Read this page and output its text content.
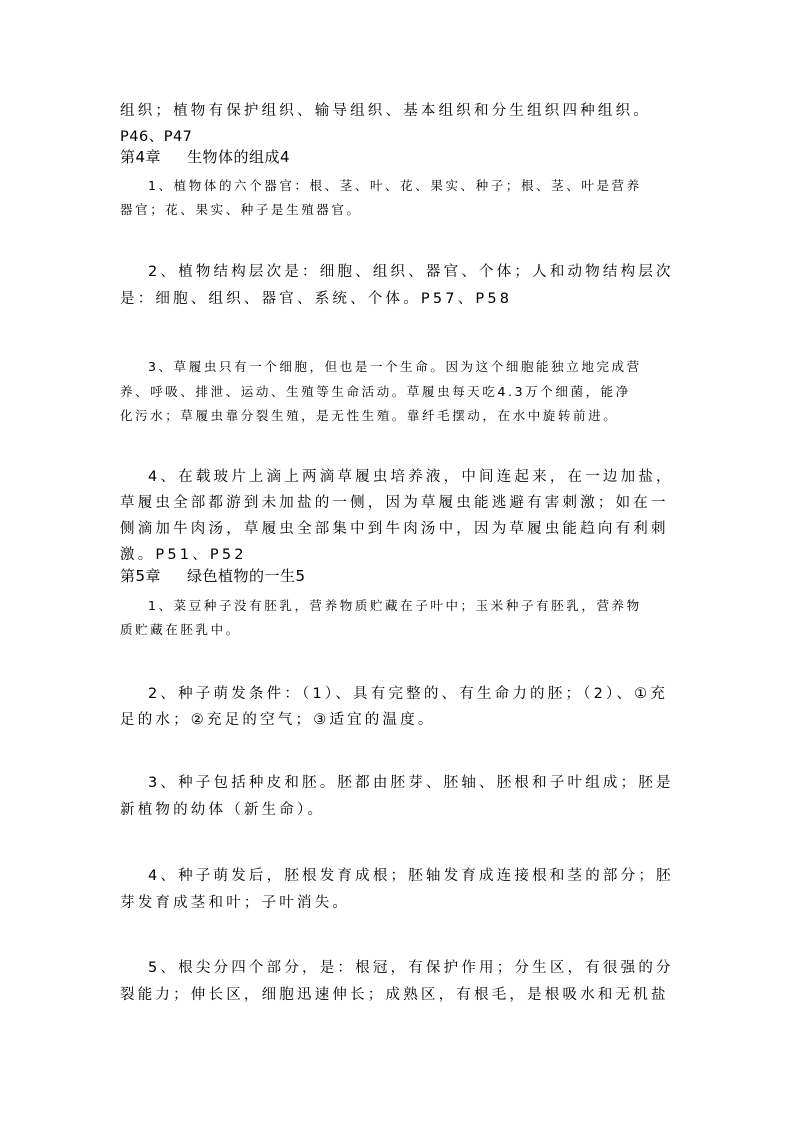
组织；植物有保护组织、输导组织、基本组织和分生组织四种组织。
P46、P47
第4章 生物体的组成4
1、植物体的六个器官：根、茎、叶、花、果实、种子；根、茎、叶是营养
器官；花、果实、种子是生殖器官。
2、植物结构层次是：细胞、组织、器官、个体；人和动物结构层次
是：细胞、组织、器官、系统、个体。P57、P58
3、草履虫只有一个细胞，但也是一个生命。因为这个细胞能独立地完成营
养、呼吸、排泄、运动、生殖等生命活动。草履虫每天吃4.3万个细菌，能净
化污水；草履虫靠分裂生殖，是无性生殖。靠纤毛摆动，在水中旋转前进。
4、在载玻片上滴上两滴草履虫培养液，中间连起来，在一边加盐，
草履虫全部都游到未加盐的一侧，因为草履虫能逃避有害刺激；如在一
侧滴加牛肉汤，草履虫全部集中到牛肉汤中，因为草履虫能趋向有利刺
激。P51、P52
第5章 绿色植物的一生5
1、菜豆种子没有胚乳，营养物质贮藏在子叶中；玉米种子有胚乳，营养物
质贮藏在胚乳中。
2、种子萌发条件：（1）、具有完整的、有生命力的胚；（2）、①充
足的水；②充足的空气；③适宜的温度。
3、种子包括种皮和胚。胚都由胚芽、胚轴、胚根和子叶组成；胚是
新植物的幼体（新生命）。
4、种子萌发后，胚根发育成根；胚轴发育成连接根和茎的部分；胚
芽发育成茎和叶；子叶消失。
5、根尖分四个部分，是：根冠，有保护作用；分生区，有很强的分
裂能力；伸长区，细胞迅速伸长；成熟区，有根毛，是根吸水和无机盐
